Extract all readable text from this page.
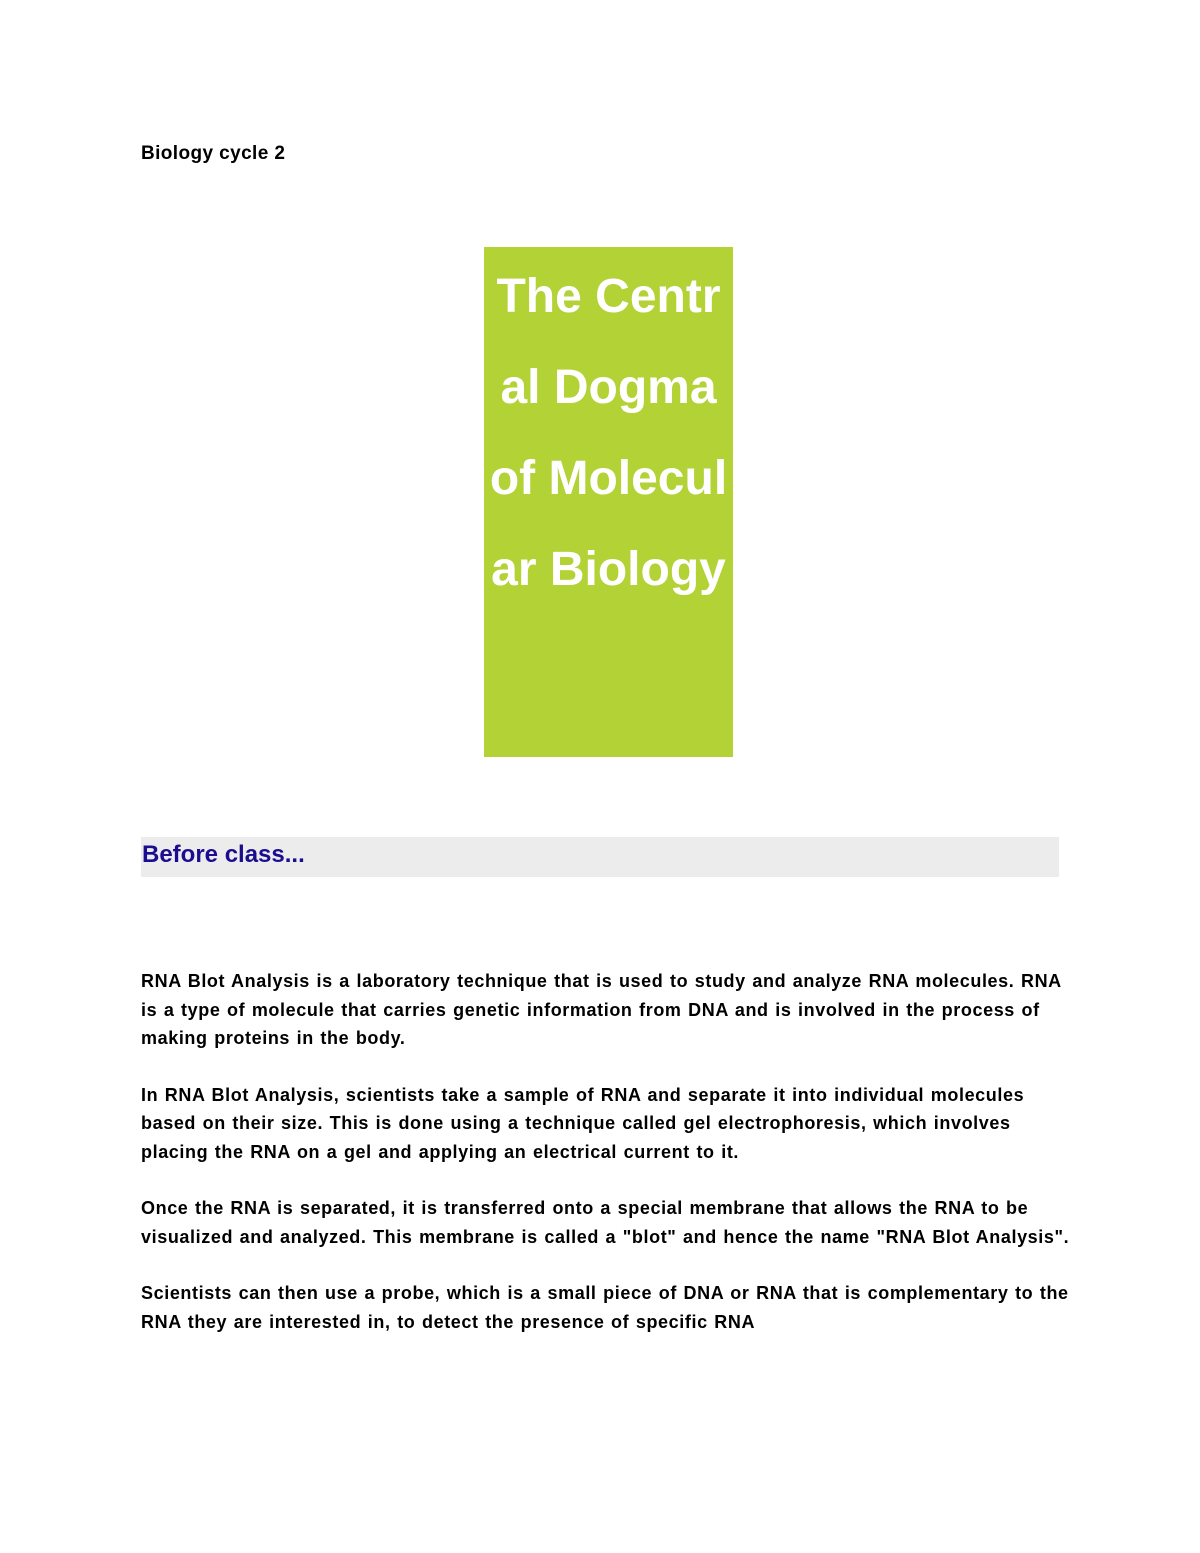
Biology cycle 2
The Central Dogma of Molecular Biology
Before class...

RNA Blot Analysis is a laboratory technique that is used to study and analyze RNA molecules. RNA is a type of molecule that carries genetic information from DNA and is involved in the process of making proteins in the body.

In RNA Blot Analysis, scientists take a sample of RNA and separate it into individual molecules based on their size. This is done using a technique called gel electrophoresis, which involves placing the RNA on a gel and applying an electrical current to it.

Once the RNA is separated, it is transferred onto a special membrane that allows the RNA to be visualized and analyzed. This membrane is called a "blot" and hence the name "RNA Blot Analysis".

Scientists can then use a probe, which is a small piece of DNA or RNA that is complementary to the RNA they are interested in, to detect the presence of specific RNA
